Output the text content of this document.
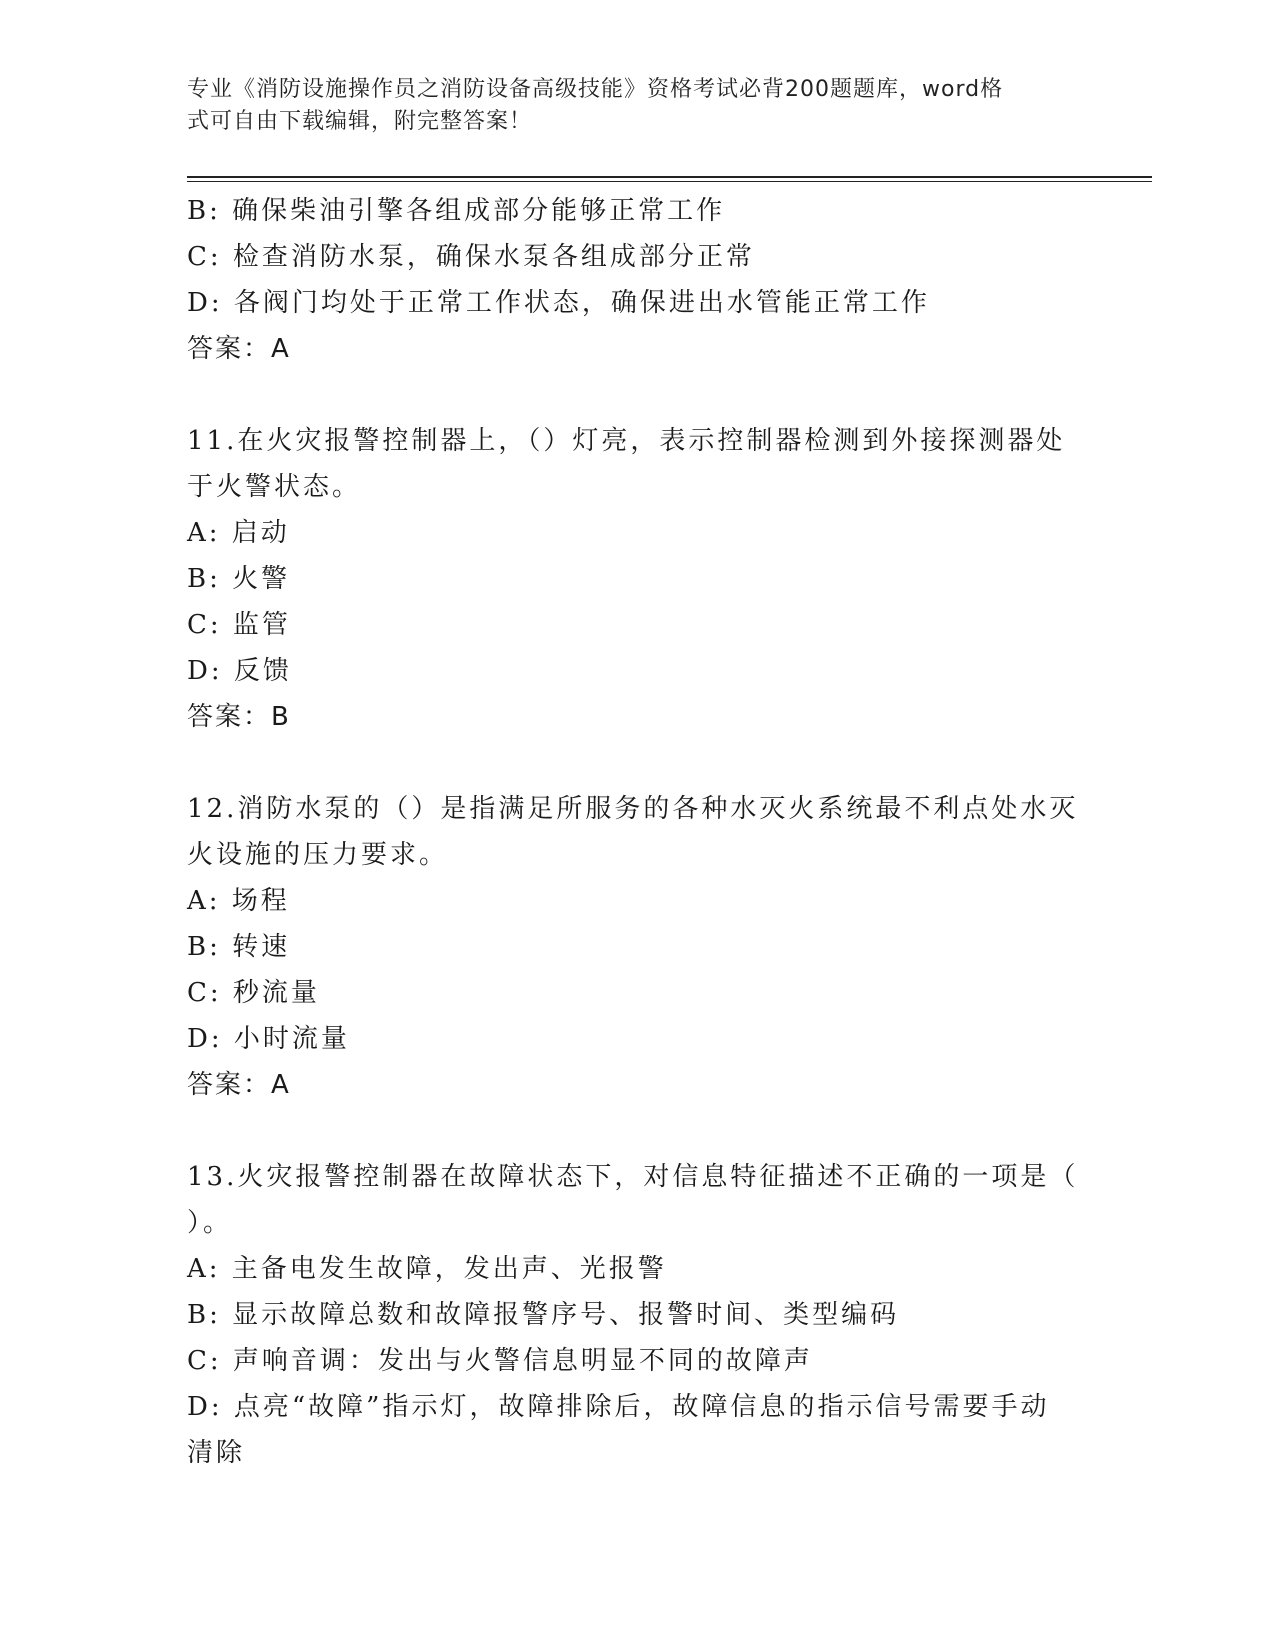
专业《消防设施操作员之消防设备高级技能》资格考试必背200题题库，word格
式可自由下载编辑，附完整答案！
B: 确保柴油引擎各组成部分能够正常工作
C: 检查消防水泵，确保水泵各组成部分正常
D: 各阀门均处于正常工作状态，确保进出水管能正常工作
答案：A
11.在火灾报警控制器上，（）灯亮，表示控制器检测到外接探测器处
于火警状态。
A: 启动
B: 火警
C: 监管
D: 反馈
答案：B
12.消防水泵的（）是指满足所服务的各种水灭火系统最不利点处水灭
火设施的压力要求。
A: 场程
B: 转速
C: 秒流量
D: 小时流量
答案：A
13.火灾报警控制器在故障状态下，对信息特征描述不正确的一项是（
）。
A: 主备电发生故障，发出声、光报警
B: 显示故障总数和故障报警序号、报警时间、类型编码
C: 声响音调：发出与火警信息明显不同的故障声
D: 点亮“故障”指示灯，故障排除后，故障信息的指示信号需要手动
清除
